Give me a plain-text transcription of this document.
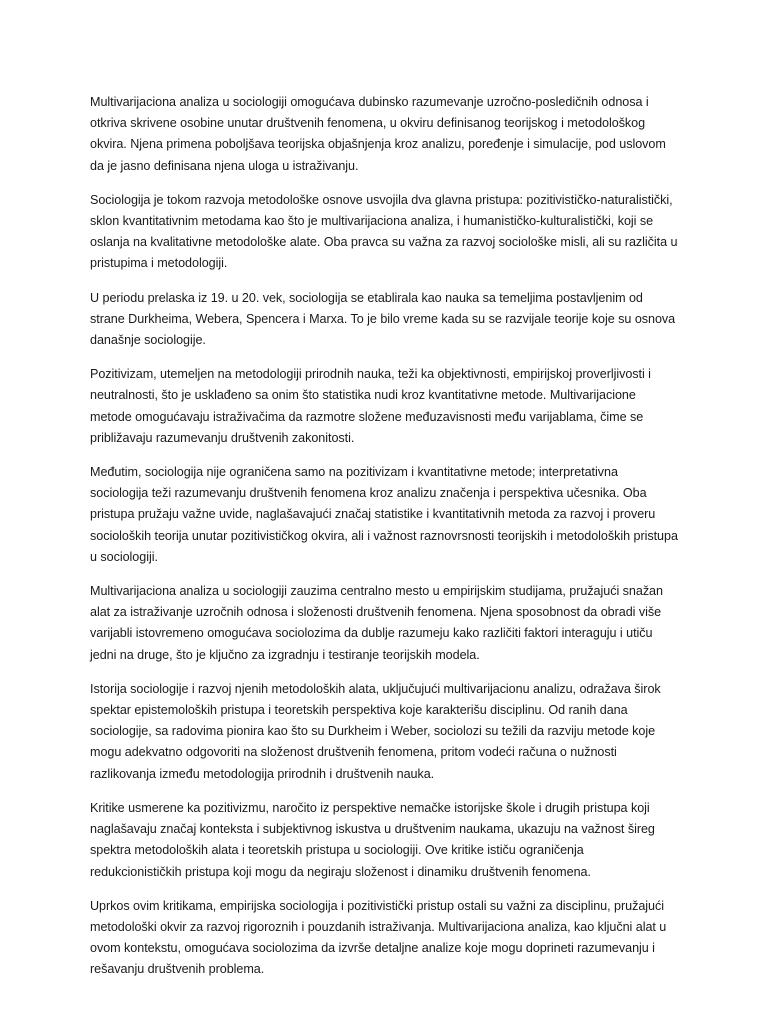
Multivarijaciona analiza u sociologiji omogućava dubinsko razumevanje uzročno-posledičnih odnosa i otkriva skrivene osobine unutar društvenih fenomena, u okviru definisanog teorijskog i metodološkog okvira. Njena primena poboljšava teorijska objašnjenja kroz analizu, poređenje i simulacije, pod uslovom da je jasno definisana njena uloga u istraživanju.

Sociologija je tokom razvoja metodološke osnove usvojila dva glavna pristupa: pozitivističko-naturalistički, sklon kvantitativnim metodama kao što je multivarijaciona analiza, i humanističko-kulturalistički, koji se oslanja na kvalitativne metodološke alate. Oba pravca su važna za razvoj sociološke misli, ali su različita u pristupima i metodologiji.

U periodu prelaska iz 19. u 20. vek, sociologija se etablirala kao nauka sa temeljima postavljenim od strane Durkheima, Webera, Spencera i Marxa. To je bilo vreme kada su se razvijale teorije koje su osnova današnje sociologije.

Pozitivizam, utemeljen na metodologiji prirodnih nauka, teži ka objektivnosti, empirijskoj proverljivosti i neutralnosti, što je usklađeno sa onim što statistika nudi kroz kvantitativne metode. Multivarijacione metode omogućavaju istraživačima da razmotre složene međuzavisnosti među varijablama, čime se približavaju razumevanju društvenih zakonitosti.

Međutim, sociologija nije ograničena samo na pozitivizam i kvantitativne metode; interpretativna sociologija teži razumevanju društvenih fenomena kroz analizu značenja i perspektiva učesnika. Oba pristupa pružaju važne uvide, naglašavajući značaj statistike i kvantitativnih metoda za razvoj i proveru socioloških teorija unutar pozitivističkog okvira, ali i važnost raznovrsnosti teorijskih i metodoloških pristupa u sociologiji.

Multivarijaciona analiza u sociologiji zauzima centralno mesto u empirijskim studijama, pružajući snažan alat za istraživanje uzročnih odnosa i složenosti društvenih fenomena. Njena sposobnost da obradi više varijabli istovremeno omogućava sociolozima da dublje razumeju kako različiti faktori interaguju i utiču jedni na druge, što je ključno za izgradnju i testiranje teorijskih modela.

Istorija sociologije i razvoj njenih metodoloških alata, uključujući multivarijacionu analizu, odražava širok spektar epistemoloških pristupa i teoretskih perspektiva koje karakterišu disciplinu. Od ranih dana sociologije, sa radovima pionira kao što su Durkheim i Weber, sociolozi su težili da razviju metode koje mogu adekvatno odgovoriti na složenost društvenih fenomena, pritom vodeći računa o nužnosti razlikovanja između metodologija prirodnih i društvenih nauka.

Kritike usmerene ka pozitivizmu, naročito iz perspektive nemačke istorijske škole i drugih pristupa koji naglašavaju značaj konteksta i subjektivnog iskustva u društvenim naukama, ukazuju na važnost šireg spektra metodoloških alata i teoretskih pristupa u sociologiji. Ove kritike ističu ograničenja redukcionističkih pristupa koji mogu da negiraju složenost i dinamiku društvenih fenomena.

Uprkos ovim kritikama, empirijska sociologija i pozitivistički pristup ostali su važni za disciplinu, pružajući metodološki okvir za razvoj rigoroznih i pouzdanih istraživanja. Multivarijaciona analiza, kao ključni alat u ovom kontekstu, omogućava sociolozima da izvrše detaljne analize koje mogu doprineti razumevanju i rešavanju društvenih problema.
